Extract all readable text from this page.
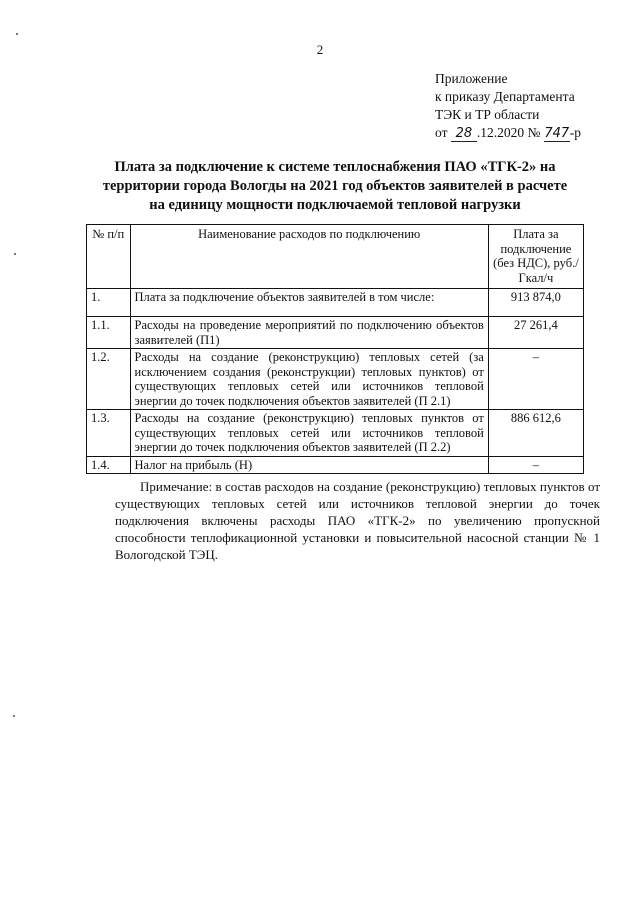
2
Приложение
к приказу Департамента
ТЭК и ТР области
от 28 .12.2020 № 747-р
Плата за подключение к системе теплоснабжения ПАО «ТГК-2» на территории города Вологды на 2021 год объектов заявителей в расчете на единицу мощности подключаемой тепловой нагрузки
№ п/п	Наименование расходов по подключению	Плата за подключение (без НДС), руб./Гкал/ч
1.	Плата за подключение объектов заявителей в том числе:	913 874,0
1.1.	Расходы на проведение мероприятий по подключению объектов заявителей (П1)	27 261,4
1.2.	Расходы на создание (реконструкцию) тепловых сетей (за исключением создания (реконструкции) тепловых пунктов) от существующих тепловых сетей или источников тепловой энергии до точек подключения объектов заявителей (П 2.1)	–
1.3.	Расходы на создание (реконструкцию) тепловых пунктов от существующих тепловых сетей или источников тепловой энергии до точек подключения объектов заявителей (П 2.2)	886 612,6
1.4.	Налог на прибыль (Н)	–
Примечание: в состав расходов на создание (реконструкцию) тепловых пунктов от существующих тепловых сетей или источников тепловой энергии до точек подключения включены расходы ПАО «ТГК-2» по увеличению пропускной способности теплофикационной установки и повысительной насосной станции № 1 Вологодской ТЭЦ.
